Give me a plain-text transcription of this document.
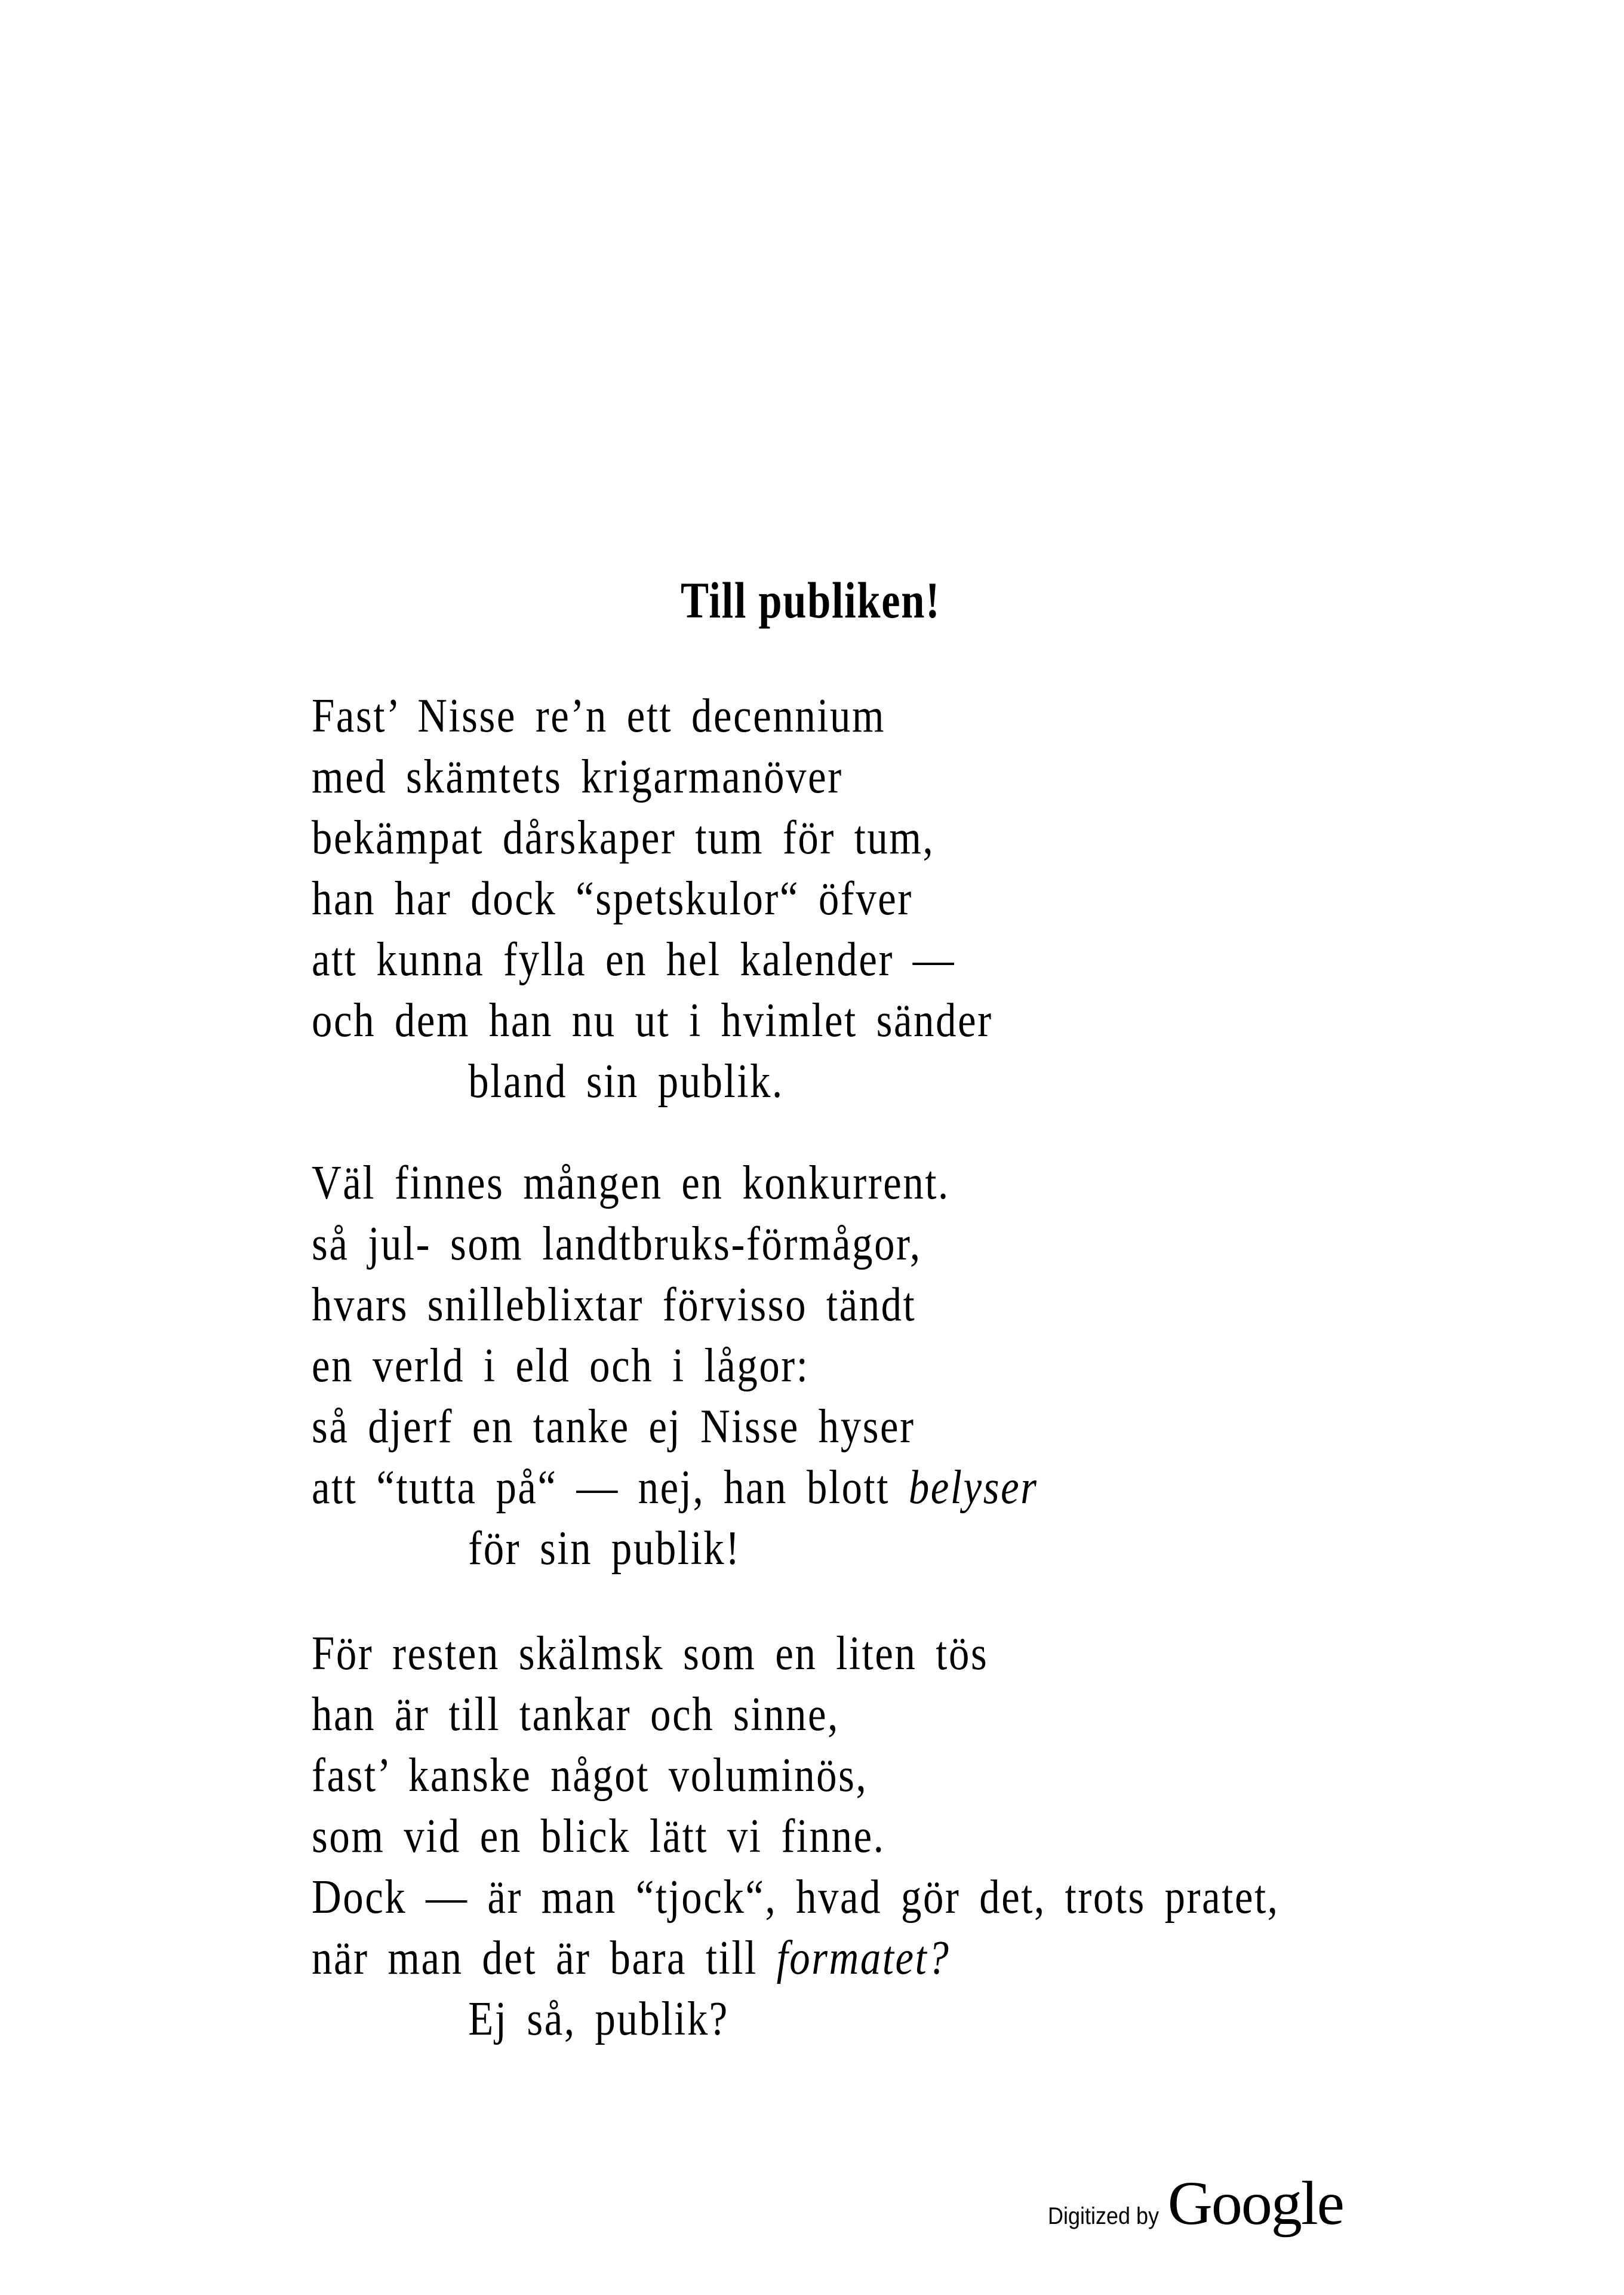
Till publiken!
Fast’ Nisse re’n ett decennium
med skämtets krigarmanöver
bekämpat dårskaper tum för tum,
han har dock “spetskulor“ öfver
att kunna fylla en hel kalender —
och dem han nu ut i hvimlet sänder
bland sin publik.
Väl finnes mången en konkurrent.
så jul- som landtbruks-förmågor,
hvars snilleblixtar förvisso tändt
en verld i eld och i lågor:
så djerf en tanke ej Nisse hyser
att “tutta på“ — nej, han blott belyser
för sin publik!
För resten skälmsk som en liten tös
han är till tankar och sinne,
fast’ kanske något voluminös,
som vid en blick lätt vi finne.
Dock — är man “tjock“, hvad gör det, trots pratet,
när man det är bara till formatet?
Ej så, publik?
Digitized by Google
